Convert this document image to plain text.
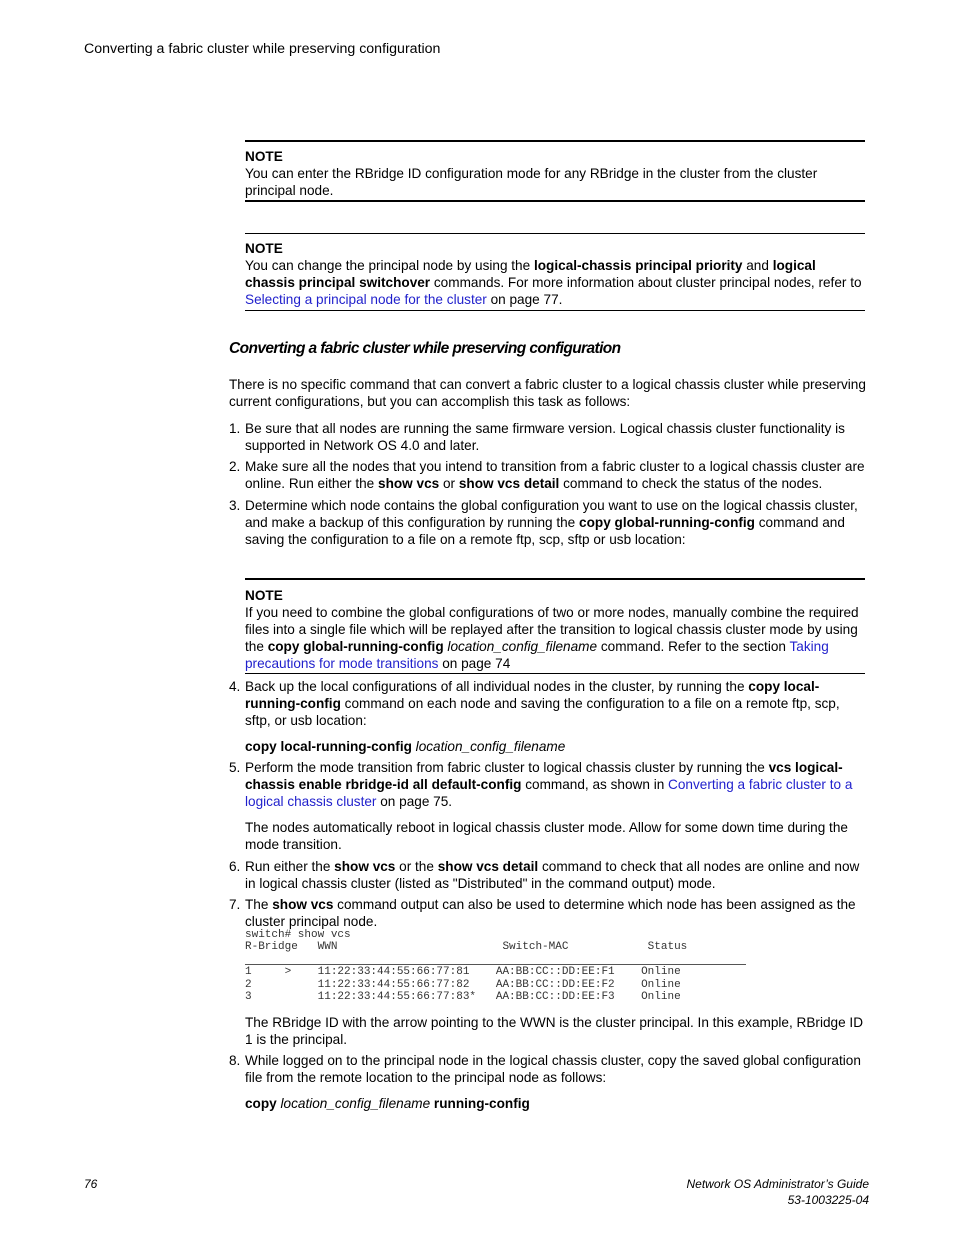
Converting a fabric cluster while preserving configuration
NOTE
You can enter the RBridge ID configuration mode for any RBridge in the cluster from the cluster principal node.
NOTE
You can change the principal node by using the logical-chassis principal priority and logical chassis principal switchover commands. For more information about cluster principal nodes, refer to Selecting a principal node for the cluster on page 77.
Converting a fabric cluster while preserving configuration
There is no specific command that can convert a fabric cluster to a logical chassis cluster while preserving current configurations, but you can accomplish this task as follows:
1. Be sure that all nodes are running the same firmware version. Logical chassis cluster functionality is supported in Network OS 4.0 and later.
2. Make sure all the nodes that you intend to transition from a fabric cluster to a logical chassis cluster are online. Run either the show vcs or show vcs detail command to check the status of the nodes.
3. Determine which node contains the global configuration you want to use on the logical chassis cluster, and make a backup of this configuration by running the copy global-running-config command and saving the configuration to a file on a remote ftp, scp, sftp or usb location:
NOTE
If you need to combine the global configurations of two or more nodes, manually combine the required files into a single file which will be replayed after the transition to logical chassis cluster mode by using the copy global-running-config location_config_filename command. Refer to the section Taking precautions for mode transitions on page 74
4. Back up the local configurations of all individual nodes in the cluster, by running the copy local-running-config command on each node and saving the configuration to a file on a remote ftp, scp, sftp, or usb location:
copy local-running-config location_config_filename
5. Perform the mode transition from fabric cluster to logical chassis cluster by running the vcs logical-chassis enable rbridge-id all default-config command, as shown in Converting a fabric cluster to a logical chassis cluster on page 75.
The nodes automatically reboot in logical chassis cluster mode. Allow for some down time during the mode transition.
6. Run either the show vcs or the show vcs detail command to check that all nodes are online and now in logical chassis cluster (listed as "Distributed" in the command output) mode.
7. The show vcs command output can also be used to determine which node has been assigned as the cluster principal node.
switch# show vcs
R-Bridge   WWN                         Switch-MAC            Status
1     >    11:22:33:44:55:66:77:81    AA:BB:CC::DD:EE:F1    Online
2          11:22:33:44:55:66:77:82    AA:BB:CC::DD:EE:F2    Online
3          11:22:33:44:55:66:77:83*   AA:BB:CC::DD:EE:F3    Online
The RBridge ID with the arrow pointing to the WWN is the cluster principal. In this example, RBridge ID 1 is the principal.
8. While logged on to the principal node in the logical chassis cluster, copy the saved global configuration file from the remote location to the principal node as follows:
copy location_config_filename running-config
76	Network OS Administrator’s Guide
53-1003225-04
